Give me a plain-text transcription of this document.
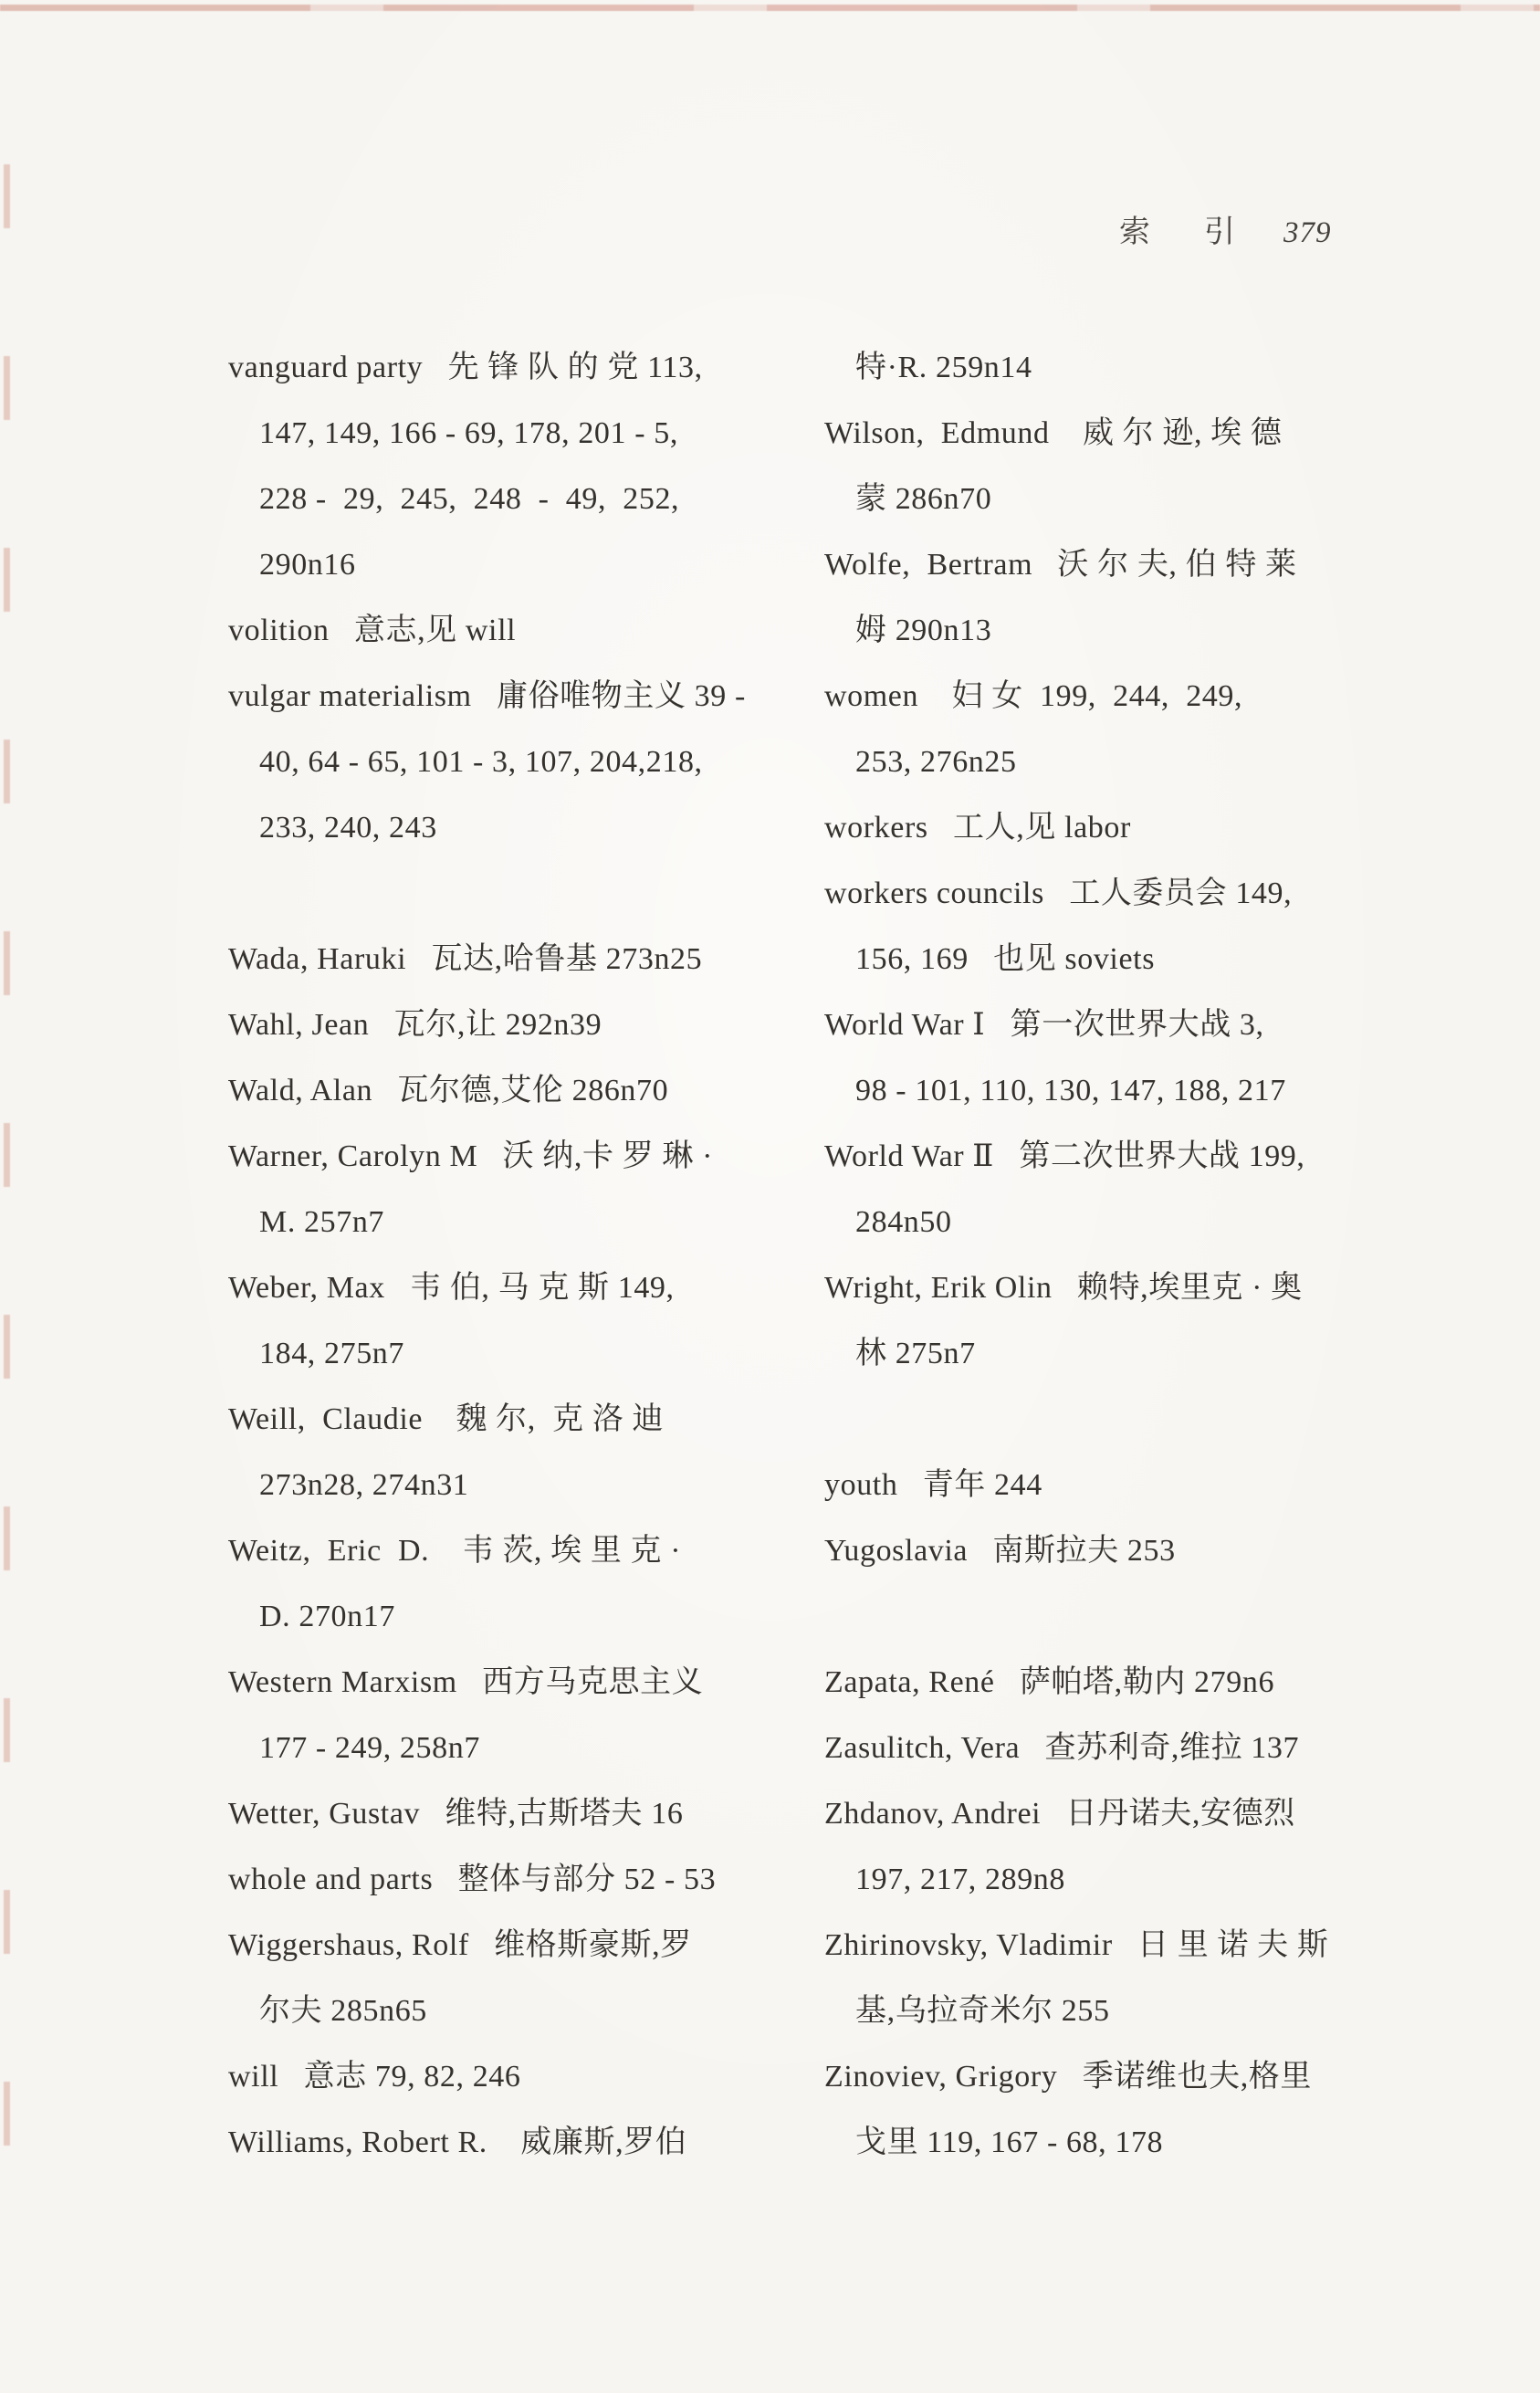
索 引 379
vanguard party   先 锋 队 的 党 113,
147, 149, 166 - 69, 178, 201 - 5,
228 -  29,  245,  248  -  49,  252,
290n16
volition   意志,见 will
vulgar materialism   庸俗唯物主义 39 -
40, 64 - 65, 101 - 3, 107, 204,218,
233, 240, 243
Wada, Haruki   瓦达,哈鲁基 273n25
Wahl, Jean   瓦尔,让 292n39
Wald, Alan   瓦尔德,艾伦 286n70
Warner, Carolyn M   沃 纳,卡 罗 琳 ·
M. 257n7
Weber, Max   韦 伯, 马 克 斯 149,
184, 275n7
Weill,  Claudie    魏 尔,  克 洛 迪
273n28, 274n31
Weitz,  Eric  D.    韦 茨, 埃 里 克 ·
D. 270n17
Western Marxism   西方马克思主义
177 - 249, 258n7
Wetter, Gustav   维特,古斯塔夫 16
whole and parts   整体与部分 52 - 53
Wiggershaus, Rolf   维格斯豪斯,罗
尔夫 285n65
will   意志 79, 82, 246
Williams, Robert R.    威廉斯,罗伯
特·R. 259n14
Wilson,  Edmund    威 尔 逊, 埃 德
蒙 286n70
Wolfe,  Bertram   沃 尔 夫, 伯 特 莱
姆 290n13
women    妇 女  199,  244,  249,
253, 276n25
workers   工人,见 labor
workers councils   工人委员会 149,
156, 169   也见 soviets
World War Ⅰ   第一次世界大战 3,
98 - 101, 110, 130, 147, 188, 217
World War Ⅱ   第二次世界大战 199,
284n50
Wright, Erik Olin   赖特,埃里克 · 奥
林 275n7
youth   青年 244
Yugoslavia   南斯拉夫 253
Zapata, René   萨帕塔,勒内 279n6
Zasulitch, Vera   查苏利奇,维拉 137
Zhdanov, Andrei   日丹诺夫,安德烈
197, 217, 289n8
Zhirinovsky, Vladimir   日 里 诺 夫 斯
基,乌拉奇米尔 255
Zinoviev, Grigory   季诺维也夫,格里
戈里 119, 167 - 68, 178
